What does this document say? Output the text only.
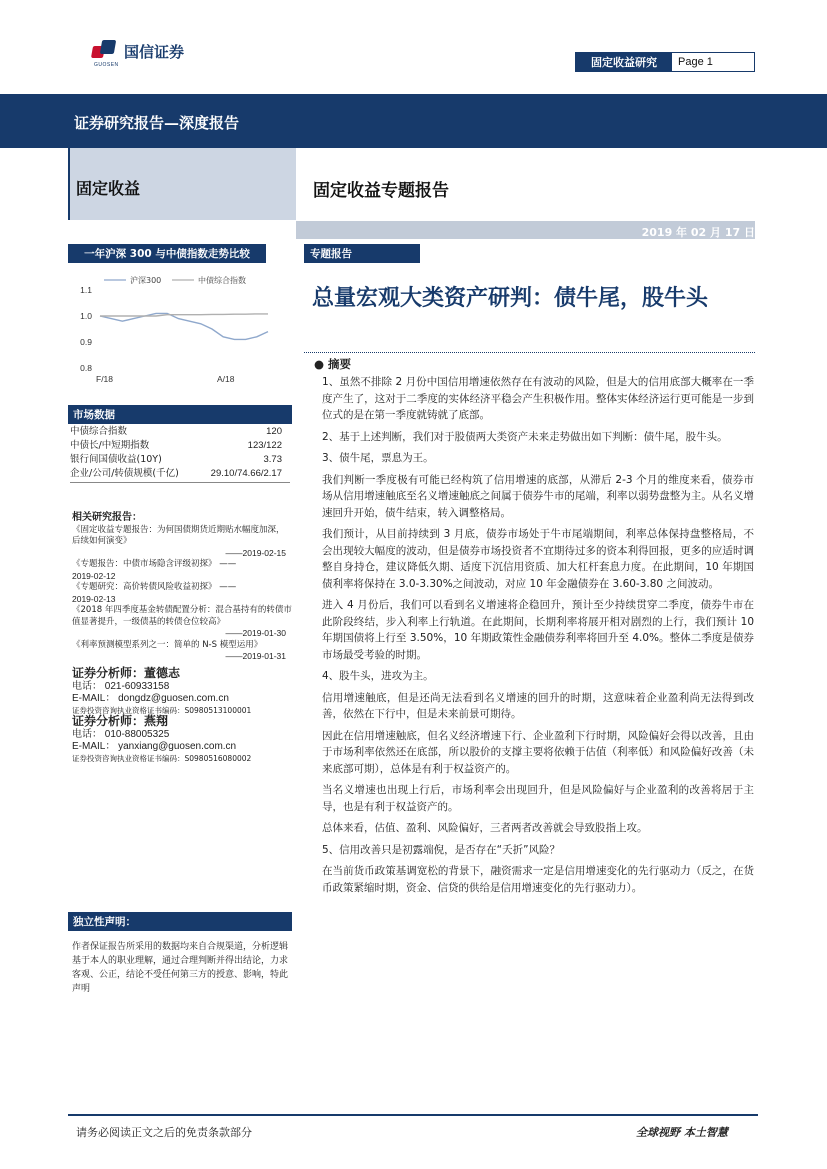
国信证券
GUOSEN	固定收益研究	Page 1
证券研究报告—深度报告
固定收益	固定收益专题报告
2019 年 02 月 17 日
一年沪深 300 与中债指数走势比较
沪深300	中债综合指数
1.1
1.0
0.9
0.8
F/18	A/18
市场数据
中债综合指数	120
中债长/中短期指数	123/122
银行间国债收益(10Y)	3.73
企业/公司/转债规模(千亿)	29.10/74.66/2.17
相关研究报告：
《固定收益专题报告：为何国债期货近期贴水幅度加深，后续如何演变》
——2019-02-15
《专题报告：中债市场隐含评级初探》 ——
2019-02-12
《专题研究：高价转债风险收益初探》 ——
2019-02-13
《2018 年四季度基金转债配置分析：混合基持有的转债市值显著提升，一级债基的转债仓位较高》
——2019-01-30
《利率预测模型系列之一：简单的 N-S 模型运用》
——2019-01-31
证券分析师：董德志
电话： 021-60933158
E-MAIL： dongdz@guosen.com.cn
证券投资咨询执业资格证书编码：S0980513100001
证券分析师：燕翔
电话： 010-88005325
E-MAIL： yanxiang@guosen.com.cn
证券投资咨询执业资格证书编码：S0980516080002
独立性声明：
作者保证报告所采用的数据均来自合规渠道，分析逻辑基于本人的职业理解，通过合理判断并得出结论，力求客观、公正，结论不受任何第三方的授意、影响，特此声明
专题报告
总量宏观大类资产研判：债牛尾，股牛头
● 摘要

1、虽然不排除 2 月份中国信用增速依然存在有波动的风险，但是大的信用底部大概率在一季度产生了，这对于二季度的实体经济平稳会产生积极作用。整体实体经济运行更可能是一步到位式的是在第一季度就铸就了底部。

2、基于上述判断，我们对于股债两大类资产未来走势做出如下判断：债牛尾，股牛头。

3、债牛尾，票息为王。

我们判断一季度极有可能已经构筑了信用增速的底部，从滞后 2-3 个月的维度来看，债券市场从信用增速触底至名义增速触底之间属于债券牛市的尾端，利率以弱势盘整为主。从名义增速回升开始，债牛结束，转入调整格局。

我们预计，从目前持续到 3 月底，债券市场处于牛市尾端期间，利率总体保持盘整格局，不会出现较大幅度的波动，但是债券市场投资者不宜期待过多的资本利得回报，更多的应适时调整自身持仓，建议降低久期、适度下沉信用资质、加大杠杆套息力度。在此期间，10 年期国债利率将保持在 3.0-3.30%之间波动，对应 10 年金融债券在 3.60-3.80 之间波动。

进入 4 月份后，我们可以看到名义增速将企稳回升，预计至少持续贯穿二季度，债券牛市在此阶段终结，步入利率上行轨道。在此期间，长期利率将展开相对剧烈的上行，我们预计 10 年期国债将上行至 3.50%，10 年期政策性金融债券利率将回升至 4.0%。整体二季度是债券市场最受考验的时期。

4、股牛头，进攻为主。

信用增速触底，但是还尚无法看到名义增速的回升的时期，这意味着企业盈利尚无法得到改善，依然在下行中，但是未来前景可期待。

因此在信用增速触底，但名义经济增速下行、企业盈利下行时期，风险偏好会得以改善，且由于市场利率依然还在底部，所以股价的支撑主要将依赖于估值（利率低）和风险偏好改善（未来底部可期），总体是有利于权益资产的。

当名义增速也出现上行后，市场利率会出现回升，但是风险偏好与企业盈利的改善将居于主导，也是有利于权益资产的。

总体来看，估值、盈利、风险偏好，三者两者改善就会导致股指上攻。

5、信用改善只是初露端倪，是否存在“夭折”风险？

在当前货币政策基调宽松的背景下，融资需求一定是信用增速变化的先行驱动力（反之，在货币政策紧缩时期，资金、信贷的供给是信用增速变化的先行驱动力）。

请务必阅读正文之后的免责条款部分	全球视野 本土智慧
